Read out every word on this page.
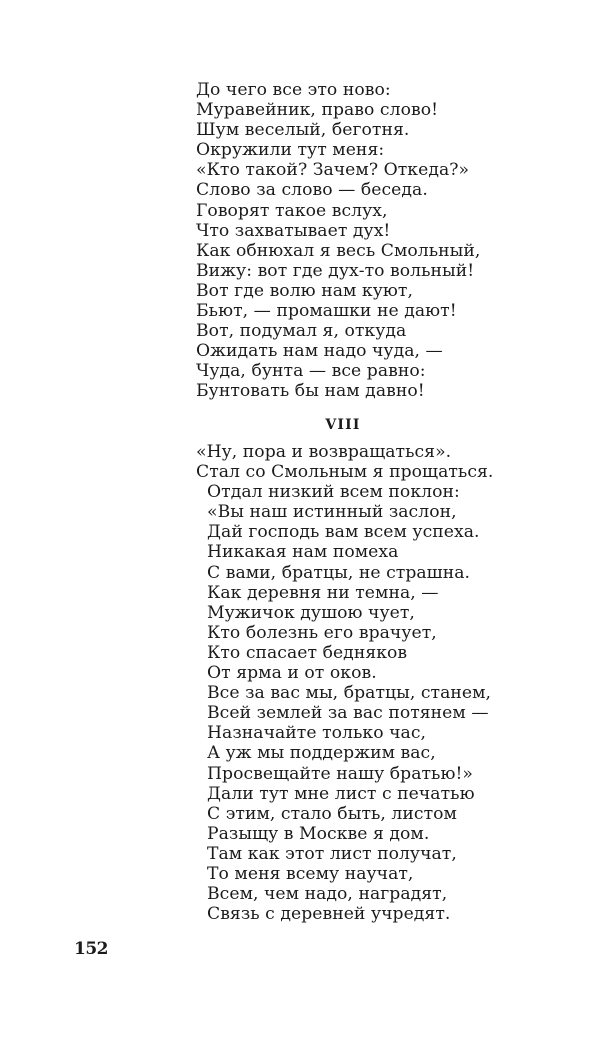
До чего все это ново:
Муравейник, право слово!
Шум веселый, беготня.
Окружили тут меня:
«Кто такой? Зачем? Откеда?»
Слово за слово — беседа.
Говорят такое вслух,
Что захватывает дух!
Как обнюхал я весь Смольный,
Вижу: вот где дух-то вольный!
Вот где волю нам куют,
Бьют, — промашки не дают!
Вот, подумал я, откуда
Ожидать нам надо чуда, —
Чуда, бунта — все равно:
Бунтовать бы нам давно!
VIII
«Ну, пора и возвращаться».
Стал со Смольным я прощаться.
Отдал низкий всем поклон:
«Вы наш истинный заслон,
Дай господь вам всем успеха.
Никакая нам помеха
С вами, братцы, не страшна.
Как деревня ни темна, —
Мужичок душою чует,
Кто болезнь его врачует,
Кто спасает бедняков
От ярма и от оков.
Все за вас мы, братцы, станем,
Всей землей за вас потянем —
Назначайте только час,
А уж мы поддержим вас,
Просвещайте нашу братью!»
Дали тут мне лист с печатью
С этим, стало быть, листом
Разыщу в Москве я дом.
Там как этот лист получат,
То меня всему научат,
Всем, чем надо, наградят,
Связь с деревней учредят.
152
